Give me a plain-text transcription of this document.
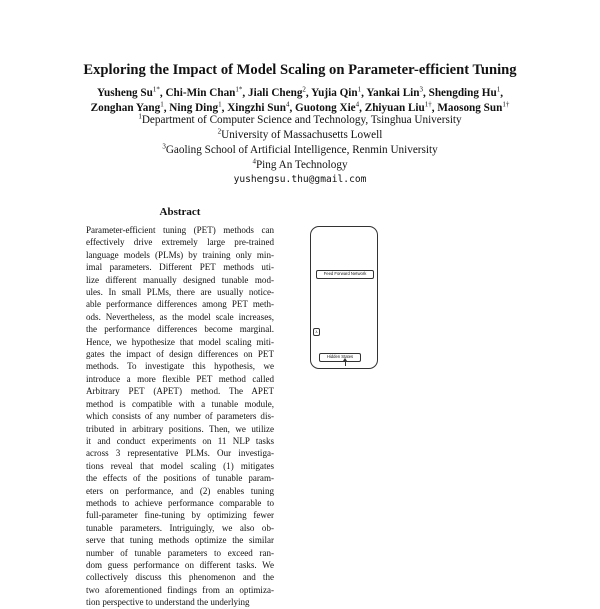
Exploring the Impact of Model Scaling on Parameter-efficient Tuning
Yusheng $Su^{1*}$, Chi-Min Chan$^{1*}$, Jiali Cheng$^2$, Yujia Qin$^1$, Yankai Lin$^3$, Shengding Hu$^1$,
Zonghan Yang$^1$, Ning Ding$^1$, Xingzhi Sun$^4$, Guotong Xie$^4$, Zhiyuan Liu$^{1\dagger}$, Maosong Sun$^{1\dagger}$
$^1$Department of Computer Science and Technology, Tsinghua University
$^2$University of Massachusetts Lowell
$^3$Gaoling School of Artificial Intelligence, Renmin University
$^4$Ping An Technology
yushengsu.thu@gmail.com
Abstract
Parameter-efficient tuning (PET) methods can
effectively drive extremely large pre-trained
language models (PLMs) by training only min-
imal parameters. Different PET methods uti-
lize different manually designed tunable mod-
ules. In small PLMs, there are usually notice-
able performance differences among PET meth-
ods. Nevertheless, as the model scale increases,
the performance differences become marginal.
Hence, we hypothesize that model scaling miti-
gates the impact of design differences on PET
methods. To investigate this hypothesis, we
introduce a more flexible PET method called
Arbitrary PET (APET) method. The APET
method is compatible with a tunable module,
which consists of any number of parameters dis-
tributed in arbitrary positions. Then, we utilize
it and conduct experiments on 11 NLP tasks
across 3 representative PLMs. Our investiga-
tions reveal that model scaling (1) mitigates
the effects of the positions of tunable param-
eters on performance, and (2) enables tuning
methods to achieve performance comparable to
full-parameter fine-tuning by optimizing fewer
tunable parameters. Intriguingly, we also ob-
serve that tuning methods optimize the similar
number of tunable parameters to exceed ran-
dom guess performance on different tasks. We
collectively discuss this phenomenon and the
two aforementioned findings from an optimiza-
tion perspective to understand the underlying
Feed Forward Network
λ
Hidden States
